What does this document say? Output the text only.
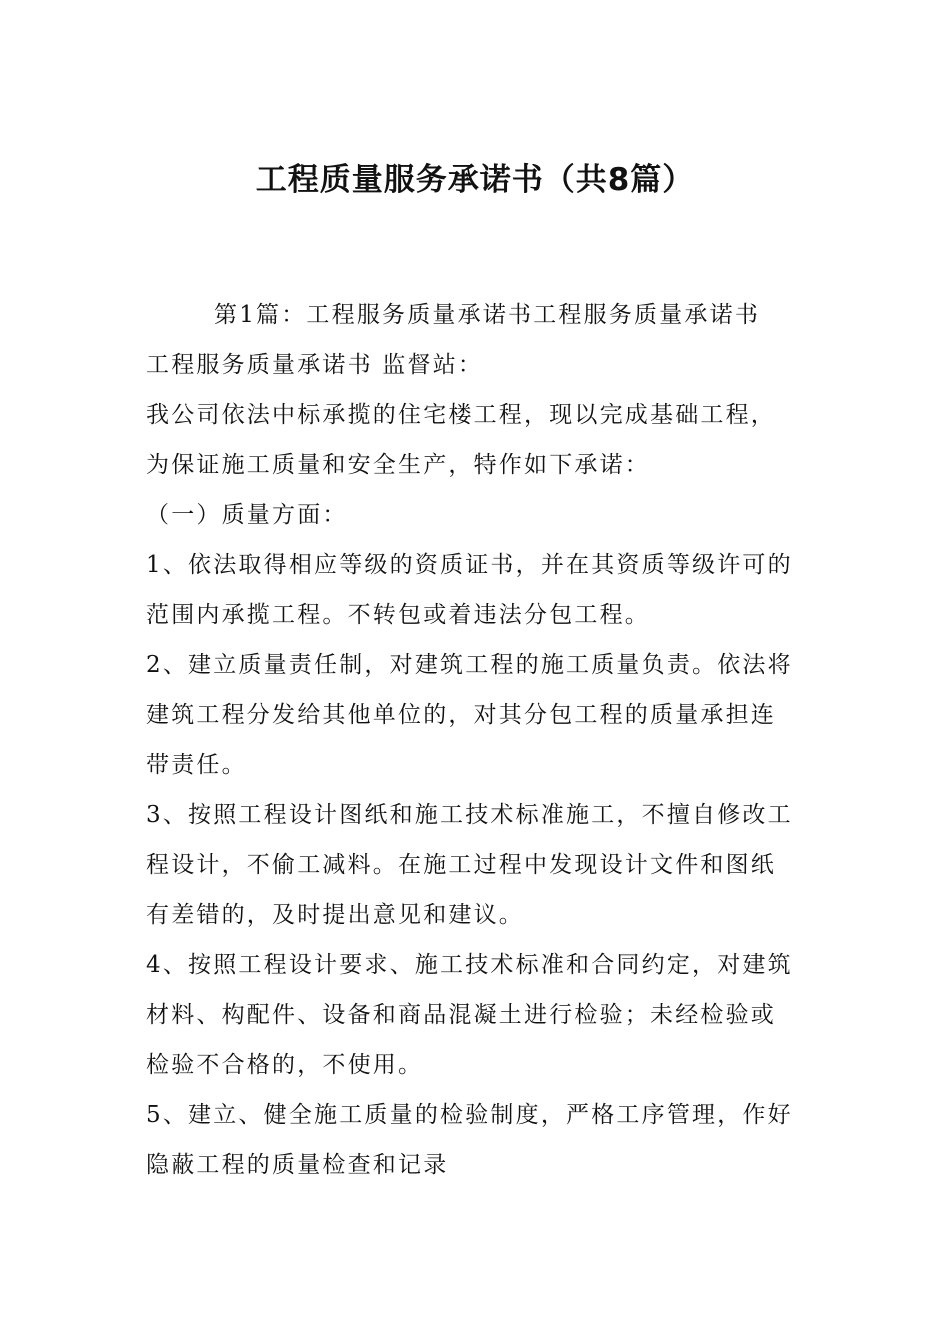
工程质量服务承诺书（共8篇）

第1篇：工程服务质量承诺书工程服务质量承诺书

工程服务质量承诺书 监督站：

我公司依法中标承揽的住宅楼工程，现以完成基础工程，

为保证施工质量和安全生产，特作如下承诺：

（一）质量方面：

1、依法取得相应等级的资质证书，并在其资质等级许可的

范围内承揽工程。不转包或着违法分包工程。

2、建立质量责任制，对建筑工程的施工质量负责。依法将

建筑工程分发给其他单位的，对其分包工程的质量承担连

带责任。

3、按照工程设计图纸和施工技术标准施工，不擅自修改工

程设计，不偷工减料。在施工过程中发现设计文件和图纸

有差错的，及时提出意见和建议。

4、按照工程设计要求、施工技术标准和合同约定，对建筑

材料、构配件、设备和商品混凝土进行检验；未经检验或

检验不合格的，不使用。

5、建立、健全施工质量的检验制度，严格工序管理，作好

隐蔽工程的质量检查和记录
